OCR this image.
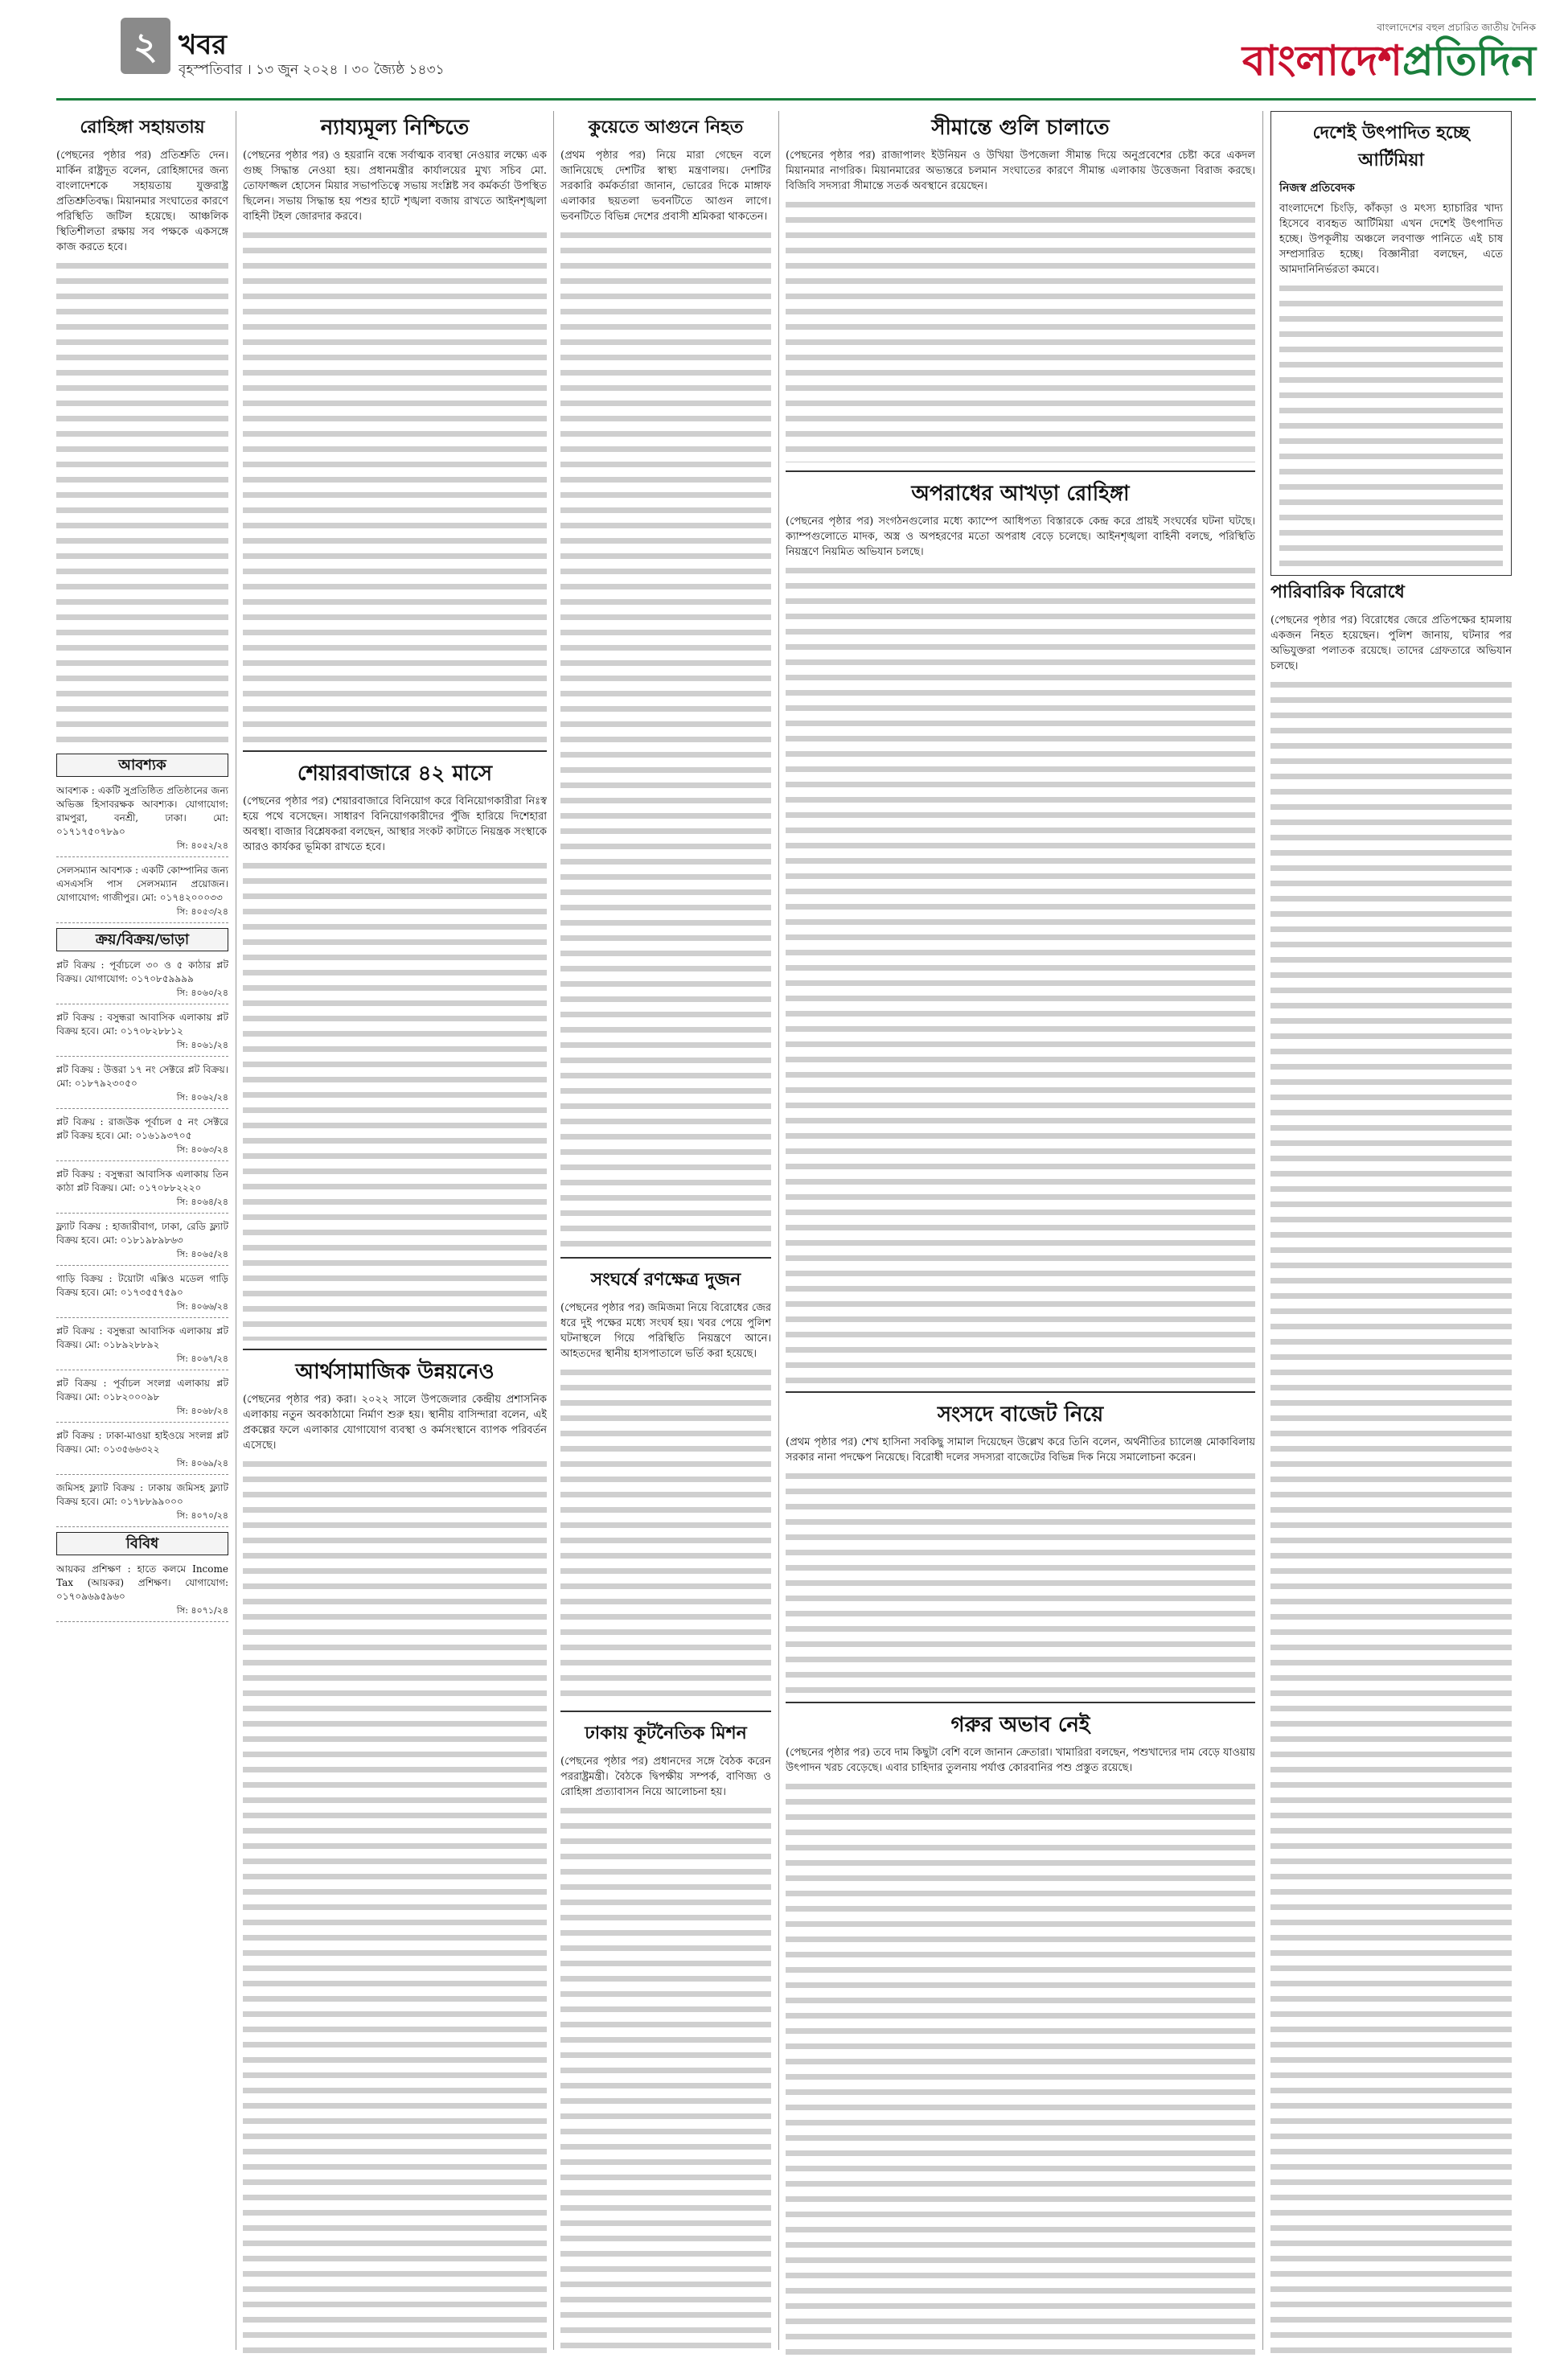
২ খবর
বৃহস্পতিবার । ১৩ জুন ২০২৪ । ৩০ জ্যৈষ্ঠ ১৪৩১
বাংলাদেশের বহুল প্রচারিত জাতীয় দৈনিক
বাংলাদেশপ্রতিদিন
রোহিঙ্গা সহায়তায়

(পেছনের পৃষ্ঠার পর) প্রতিশ্রুতি দেন। মার্কিন রাষ্ট্রদূত বলেন, রোহিঙ্গাদের জন্য বাংলাদেশকে সহায়তায় যুক্তরাষ্ট্র প্রতিশ্রুতিবদ্ধ। মিয়ানমার সংঘাতের কারণে পরিস্থিতি জটিল হয়েছে। আঞ্চলিক স্থিতিশীলতা রক্ষায় সব পক্ষকে একসঙ্গে কাজ করতে হবে।

আবশ্যক
আবশ্যক : একটি সুপ্রতিষ্ঠিত প্রতিষ্ঠানের জন্য অভিজ্ঞ হিসাবরক্ষক আবশ্যক। যোগাযোগ: রামপুরা, বনশ্রী, ঢাকা। মো: ০১৭১৭৫০৭৮৯০
সি: ৪০৫২/২৪
সেলসম্যান আবশ্যক : একটি কোম্পানির জন্য এসএসসি পাস সেলসম্যান প্রয়োজন। যোগাযোগ: গাজীপুর। মো: ০১৭৪২০০০৩৩
সি: ৪০৫৩/২৪
ক্রয়/বিক্রয়/ভাড়া
প্লট বিক্রয় : পূর্বাচলে ৩০ ও ৫ কাঠার প্লট বিক্রয়। যোগাযোগ: ০১৭০৮৫৯৯৯৯
সি: ৪০৬০/২৪
প্লট বিক্রয় : বসুন্ধরা আবাসিক এলাকায় প্লট বিক্রয় হবে। মো: ০১৭০৮২৮৮১২
সি: ৪০৬১/২৪
প্লট বিক্রয় : উত্তরা ১৭ নং সেক্টরে প্লট বিক্রয়। মো: ০১৮৭৯২৩০৫০
সি: ৪০৬২/২৪
প্লট বিক্রয় : রাজউক পূর্বাচল ৫ নং সেক্টরে প্লট বিক্রয় হবে। মো: ০১৬১৯৩৭০৫
সি: ৪০৬৩/২৪
প্লট বিক্রয় : বসুন্ধরা আবাসিক এলাকায় তিন কাঠা প্লট বিক্রয়। মো: ০১৭০৮৮২২২০
সি: ৪০৬৪/২৪
ফ্ল্যাট বিক্রয় : হাজারীবাগ, ঢাকা, রেডি ফ্ল্যাট বিক্রয় হবে। মো: ০১৮১৯৮৯৮৬৩
সি: ৪০৬৫/২৪
গাড়ি বিক্রয় : টয়োটা এক্সিও মডেল গাড়ি বিক্রয় হবে। মো: ০১৭৩৫৫৭৫৯০
সি: ৪০৬৬/২৪
প্লট বিক্রয় : বসুন্ধরা আবাসিক এলাকায় প্লট বিক্রয়। মো: ০১৮৯২৮৮৯২
সি: ৪০৬৭/২৪
প্লট বিক্রয় : পূর্বাচল সংলগ্ন এলাকায় প্লট বিক্রয়। মো: ০১৮২০০০৯৮
সি: ৪০৬৮/২৪
প্লট বিক্রয় : ঢাকা-মাওয়া হাইওয়ে সংলগ্ন প্লট বিক্রয়। মো: ০১৩৫৬৬৩২২
সি: ৪০৬৯/২৪
জমিসহ ফ্ল্যাট বিক্রয় : ঢাকায় জমিসহ ফ্ল্যাট বিক্রয় হবে। মো: ০১৭৮৮৯৯০০০
সি: ৪০৭০/২৪
বিবিধ
আয়কর প্রশিক্ষণ : হাতে কলমে Income Tax (আয়কর) প্রশিক্ষণ। যোগাযোগ: ০১৭০৯৬৯৫৯৬০
সি: ৪০৭১/২৪
ন্যায্যমূল্য নিশ্চিতে

(পেছনের পৃষ্ঠার পর) ও হয়রানি বন্ধে সর্বাত্মক ব্যবস্থা নেওয়ার লক্ষ্যে এক গুচ্ছ সিদ্ধান্ত নেওয়া হয়। প্রধানমন্ত্রীর কার্যালয়ের মুখ্য সচিব মো. তোফাজ্জল হোসেন মিয়ার সভাপতিত্বে সভায় সংশ্লিষ্ট সব কর্মকর্তা উপস্থিত ছিলেন। সভায় সিদ্ধান্ত হয় পশুর হাটে শৃঙ্খলা বজায় রাখতে আইনশৃঙ্খলা বাহিনী টহল জোরদার করবে।

শেয়ারবাজারে ৪২ মাসে

(পেছনের পৃষ্ঠার পর) শেয়ারবাজারে বিনিয়োগ করে বিনিয়োগকারীরা নিঃস্ব হয়ে পথে বসেছেন। সাধারণ বিনিয়োগকারীদের পুঁজি হারিয়ে দিশেহারা অবস্থা। বাজার বিশ্লেষকরা বলছেন, আস্থার সংকট কাটাতে নিয়ন্ত্রক সংস্থাকে আরও কার্যকর ভূমিকা রাখতে হবে।

আর্থসামাজিক উন্নয়নেও

(পেছনের পৃষ্ঠার পর) করা। ২০২২ সালে উপজেলার কেন্দ্রীয় প্রশাসনিক এলাকায় নতুন অবকাঠামো নির্মাণ শুরু হয়। স্থানীয় বাসিন্দারা বলেন, এই প্রকল্পের ফলে এলাকার যোগাযোগ ব্যবস্থা ও কর্মসংস্থানে ব্যাপক পরিবর্তন এসেছে।

কুয়েতে আগুনে নিহত

(প্রথম পৃষ্ঠার পর) নিয়ে মারা গেছেন বলে জানিয়েছে দেশটির স্বাস্থ্য মন্ত্রণালয়। দেশটির সরকারি কর্মকর্তারা জানান, ভোরের দিকে মাঙ্গাফ এলাকার ছয়তলা ভবনটিতে আগুন লাগে। ভবনটিতে বিভিন্ন দেশের প্রবাসী শ্রমিকরা থাকতেন।

সংঘর্ষে রণক্ষেত্র দুজন

(পেছনের পৃষ্ঠার পর) জমিজমা নিয়ে বিরোধের জের ধরে দুই পক্ষের মধ্যে সংঘর্ষ হয়। খবর পেয়ে পুলিশ ঘটনাস্থলে গিয়ে পরিস্থিতি নিয়ন্ত্রণে আনে। আহতদের স্থানীয় হাসপাতালে ভর্তি করা হয়েছে।

ঢাকায় কূটনৈতিক মিশন

(পেছনের পৃষ্ঠার পর) প্রধানদের সঙ্গে বৈঠক করেন পররাষ্ট্রমন্ত্রী। বৈঠকে দ্বিপক্ষীয় সম্পর্ক, বাণিজ্য ও রোহিঙ্গা প্রত্যাবাসন নিয়ে আলোচনা হয়।

সীমান্তে গুলি চালাতে

(পেছনের পৃষ্ঠার পর) রাজাপালং ইউনিয়ন ও উখিয়া উপজেলা সীমান্ত দিয়ে অনুপ্রবেশের চেষ্টা করে একদল মিয়ানমার নাগরিক। মিয়ানমারের অভ্যন্তরে চলমান সংঘাতের কারণে সীমান্ত এলাকায় উত্তেজনা বিরাজ করছে। বিজিবি সদস্যরা সীমান্তে সতর্ক অবস্থানে রয়েছেন।

অপরাধের আখড়া রোহিঙ্গা

(পেছনের পৃষ্ঠার পর) সংগঠনগুলোর মধ্যে ক্যাম্পে আধিপত্য বিস্তারকে কেন্দ্র করে প্রায়ই সংঘর্ষের ঘটনা ঘটছে। ক্যাম্পগুলোতে মাদক, অস্ত্র ও অপহরণের মতো অপরাধ বেড়ে চলেছে। আইনশৃঙ্খলা বাহিনী বলছে, পরিস্থিতি নিয়ন্ত্রণে নিয়মিত অভিযান চলছে।

সংসদে বাজেট নিয়ে

(প্রথম পৃষ্ঠার পর) শেখ হাসিনা সবকিছু সামাল দিয়েছেন উল্লেখ করে তিনি বলেন, অর্থনীতির চ্যালেঞ্জ মোকাবিলায় সরকার নানা পদক্ষেপ নিয়েছে। বিরোধী দলের সদস্যরা বাজেটের বিভিন্ন দিক নিয়ে সমালোচনা করেন।

গরুর অভাব নেই

(পেছনের পৃষ্ঠার পর) তবে দাম কিছুটা বেশি বলে জানান ক্রেতারা। খামারিরা বলছেন, পশুখাদ্যের দাম বেড়ে যাওয়ায় উৎপাদন খরচ বেড়েছে। এবার চাহিদার তুলনায় পর্যাপ্ত কোরবানির পশু প্রস্তুত রয়েছে।

দেশেই উৎপাদিত হচ্ছে আর্টিমিয়া
নিজস্ব প্রতিবেদক

বাংলাদেশে চিংড়ি, কাঁকড়া ও মৎস্য হ্যাচারির খাদ্য হিসেবে ব্যবহৃত আর্টিমিয়া এখন দেশেই উৎপাদিত হচ্ছে। উপকূলীয় অঞ্চলে লবণাক্ত পানিতে এই চাষ সম্প্রসারিত হচ্ছে। বিজ্ঞানীরা বলছেন, এতে আমদানিনির্ভরতা কমবে।

পারিবারিক বিরোধে

(পেছনের পৃষ্ঠার পর) বিরোধের জেরে প্রতিপক্ষের হামলায় একজন নিহত হয়েছেন। পুলিশ জানায়, ঘটনার পর অভিযুক্তরা পলাতক রয়েছে। তাদের গ্রেফতারে অভিযান চলছে।
